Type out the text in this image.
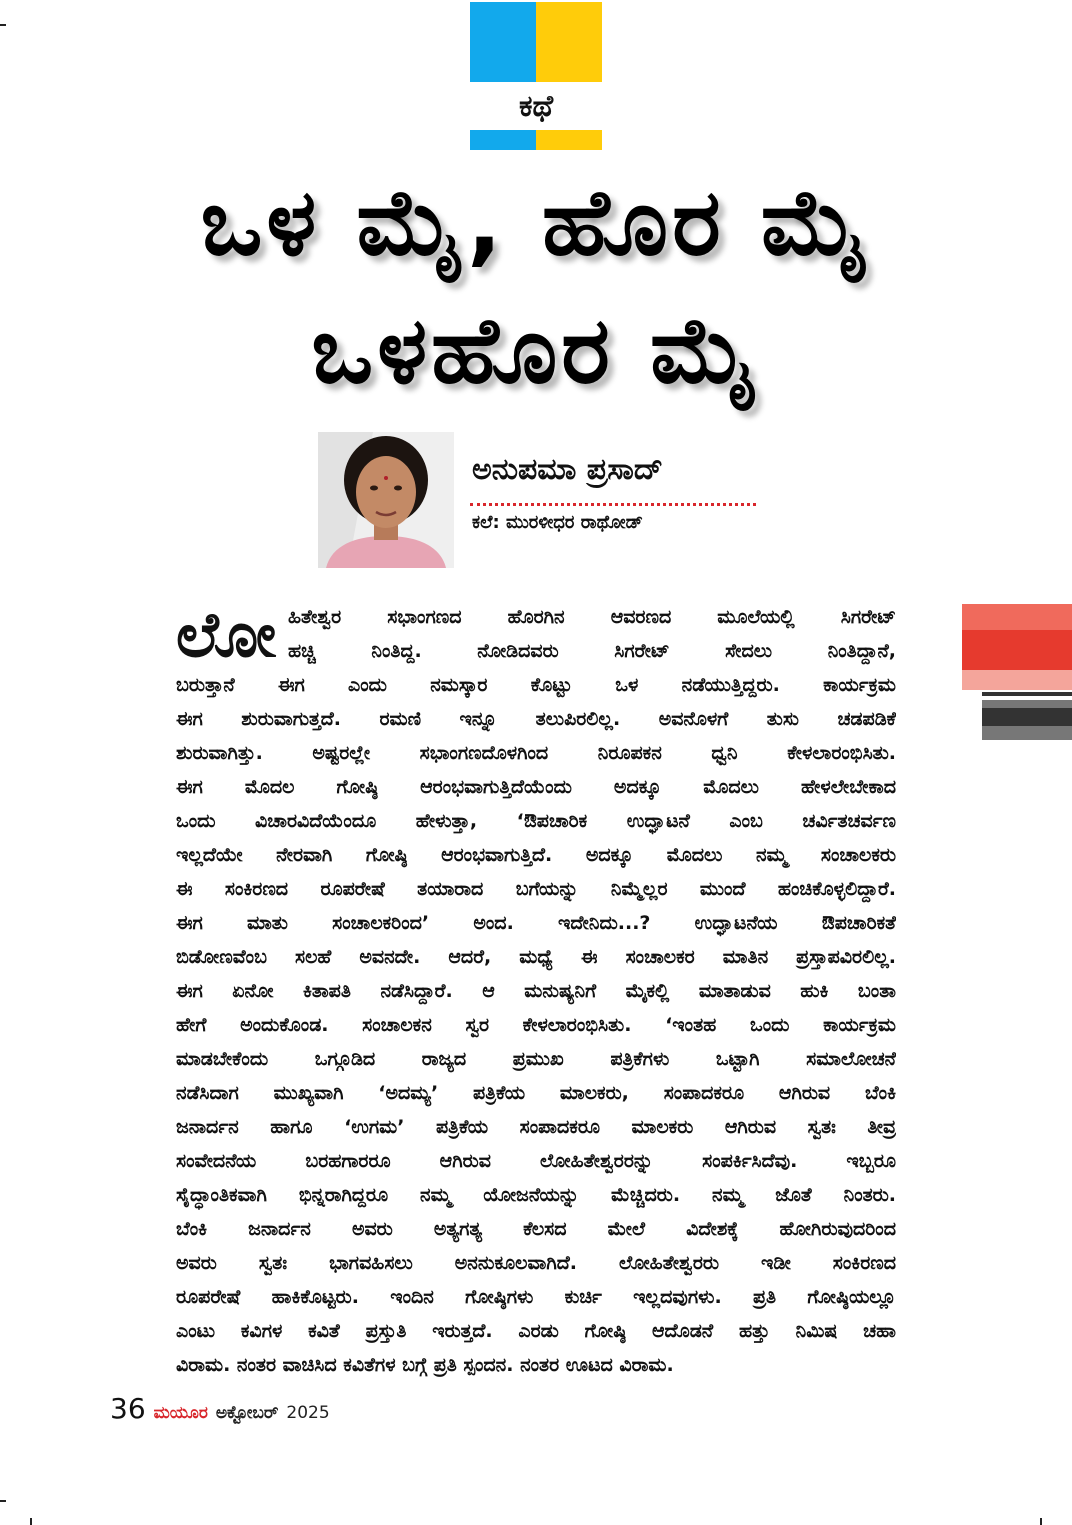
ಕಥೆ
ಒಳ ಮೈ, ಹೊರ ಮೈ
ಒಳಹೊರ ಮೈ
ಅನುಪಮಾ ಪ್ರಸಾದ್
ಕಲೆ: ಮುರಳೀಧರ ರಾಥೋಡ್
ಲೋ ಹಿತೇಶ್ವರ ಸಭಾಂಗಣದ ಹೊರಗಿನ ಆವರಣದ ಮೂಲೆಯಲ್ಲಿ ಸಿಗರೇಟ್
ಹಚ್ಚಿ ನಿಂತಿದ್ದ. ನೋಡಿದವರು ಸಿಗರೇಟ್ ಸೇದಲು ನಿಂತಿದ್ದಾನೆ,
ಬರುತ್ತಾನೆ ಈಗ ಎಂದು ನಮಸ್ಕಾರ ಕೊಟ್ಟು ಒಳ ನಡೆಯುತ್ತಿದ್ದರು. ಕಾರ್ಯಕ್ರಮ
ಈಗ ಶುರುವಾಗುತ್ತದೆ. ರಮಣಿ ಇನ್ನೂ ತಲುಪಿರಲಿಲ್ಲ. ಅವನೊಳಗೆ ತುಸು ಚಡಪಡಿಕೆ
ಶುರುವಾಗಿತ್ತು. ಅಷ್ಟರಲ್ಲೇ ಸಭಾಂಗಣದೊಳಗಿಂದ ನಿರೂಪಕನ ಧ್ವನಿ ಕೇಳಲಾರಂಭಿಸಿತು.
ಈಗ ಮೊದಲ ಗೋಷ್ಠಿ ಆರಂಭವಾಗುತ್ತಿದೆಯೆಂದು ಅದಕ್ಕೂ ಮೊದಲು ಹೇಳಲೇಬೇಕಾದ
ಒಂದು ವಿಚಾರವಿದೆಯೆಂದೂ ಹೇಳುತ್ತಾ, ‘ಔಪಚಾರಿಕ ಉದ್ಘಾಟನೆ ಎಂಬ ಚರ್ವಿತಚರ್ವಣ
ಇಲ್ಲದೆಯೇ ನೇರವಾಗಿ ಗೋಷ್ಠಿ ಆರಂಭವಾಗುತ್ತಿದೆ. ಅದಕ್ಕೂ ಮೊದಲು ನಮ್ಮ ಸಂಚಾಲಕರು
ಈ ಸಂಕಿರಣದ ರೂಪರೇಷೆ ತಯಾರಾದ ಬಗೆಯನ್ನು ನಿಮ್ಮೆಲ್ಲರ ಮುಂದೆ ಹಂಚಿಕೊಳ್ಳಲಿದ್ದಾರೆ.
ಈಗ ಮಾತು ಸಂಚಾಲಕರಿಂದ’ ಅಂದ. ಇದೇನಿದು...? ಉದ್ಘಾಟನೆಯ ಔಪಚಾರಿಕತೆ
ಬಿಡೋಣವೆಂಬ ಸಲಹೆ ಅವನದೇ. ಆದರೆ, ಮಧ್ಯೆ ಈ ಸಂಚಾಲಕರ ಮಾತಿನ ಪ್ರಸ್ತಾಪವಿರಲಿಲ್ಲ.
ಈಗ ಏನೋ ಕಿತಾಪತಿ ನಡೆಸಿದ್ದಾರೆ. ಆ ಮನುಷ್ಯನಿಗೆ ಮೈಕಲ್ಲಿ ಮಾತಾಡುವ ಹುಕಿ ಬಂತಾ
ಹೇಗೆ ಅಂದುಕೊಂಡ. ಸಂಚಾಲಕನ ಸ್ವರ ಕೇಳಲಾರಂಭಿಸಿತು. ‘ಇಂತಹ ಒಂದು ಕಾರ್ಯಕ್ರಮ
ಮಾಡಬೇಕೆಂದು ಒಗ್ಗೂಡಿದ ರಾಜ್ಯದ ಪ್ರಮುಖ ಪತ್ರಿಕೆಗಳು ಒಟ್ಟಾಗಿ ಸಮಾಲೋಚನೆ
ನಡೆಸಿದಾಗ ಮುಖ್ಯವಾಗಿ ‘ಅದಮ್ಯ’ ಪತ್ರಿಕೆಯ ಮಾಲಕರು, ಸಂಪಾದಕರೂ ಆಗಿರುವ ಬೆಂಕಿ
ಜನಾರ್ದನ ಹಾಗೂ ‘ಉಗಮ’ ಪತ್ರಿಕೆಯ ಸಂಪಾದಕರೂ ಮಾಲಕರು ಆಗಿರುವ ಸ್ವತಃ ತೀವ್ರ
ಸಂವೇದನೆಯ ಬರಹಗಾರರೂ ಆಗಿರುವ ಲೋಹಿತೇಶ್ವರರನ್ನು ಸಂಪರ್ಕಿಸಿದೆವು. ಇಬ್ಬರೂ
ಸೈದ್ಧಾಂತಿಕವಾಗಿ ಭಿನ್ನರಾಗಿದ್ದರೂ ನಮ್ಮ ಯೋಜನೆಯನ್ನು ಮೆಚ್ಚಿದರು. ನಮ್ಮ ಜೊತೆ ನಿಂತರು.
ಬೆಂಕಿ ಜನಾರ್ದನ ಅವರು ಅತ್ಯಗತ್ಯ ಕೆಲಸದ ಮೇಲೆ ವಿದೇಶಕ್ಕೆ ಹೋಗಿರುವುದರಿಂದ
ಅವರು ಸ್ವತಃ ಭಾಗವಹಿಸಲು ಅನನುಕೂಲವಾಗಿದೆ. ಲೋಹಿತೇಶ್ವರರು ಇಡೀ ಸಂಕಿರಣದ
ರೂಪರೇಷೆ ಹಾಕಿಕೊಟ್ಟರು. ಇಂದಿನ ಗೋಷ್ಠಿಗಳು ಕುರ್ಚಿ ಇಲ್ಲದವುಗಳು. ಪ್ರತಿ ಗೋಷ್ಠಿಯಲ್ಲೂ
ಎಂಟು ಕವಿಗಳ ಕವಿತೆ ಪ್ರಸ್ತುತಿ ಇರುತ್ತದೆ. ಎರಡು ಗೋಷ್ಠಿ ಆದೊಡನೆ ಹತ್ತು ನಿಮಿಷ ಚಹಾ
ವಿರಾಮ. ನಂತರ ವಾಚಿಸಿದ ಕವಿತೆಗಳ ಬಗ್ಗೆ ಪ್ರತಿ ಸ್ಪಂದನ. ನಂತರ ಊಟದ ವಿರಾಮ.
36 ಮಯೂರ ಅಕ್ಟೋಬರ್ 2025
